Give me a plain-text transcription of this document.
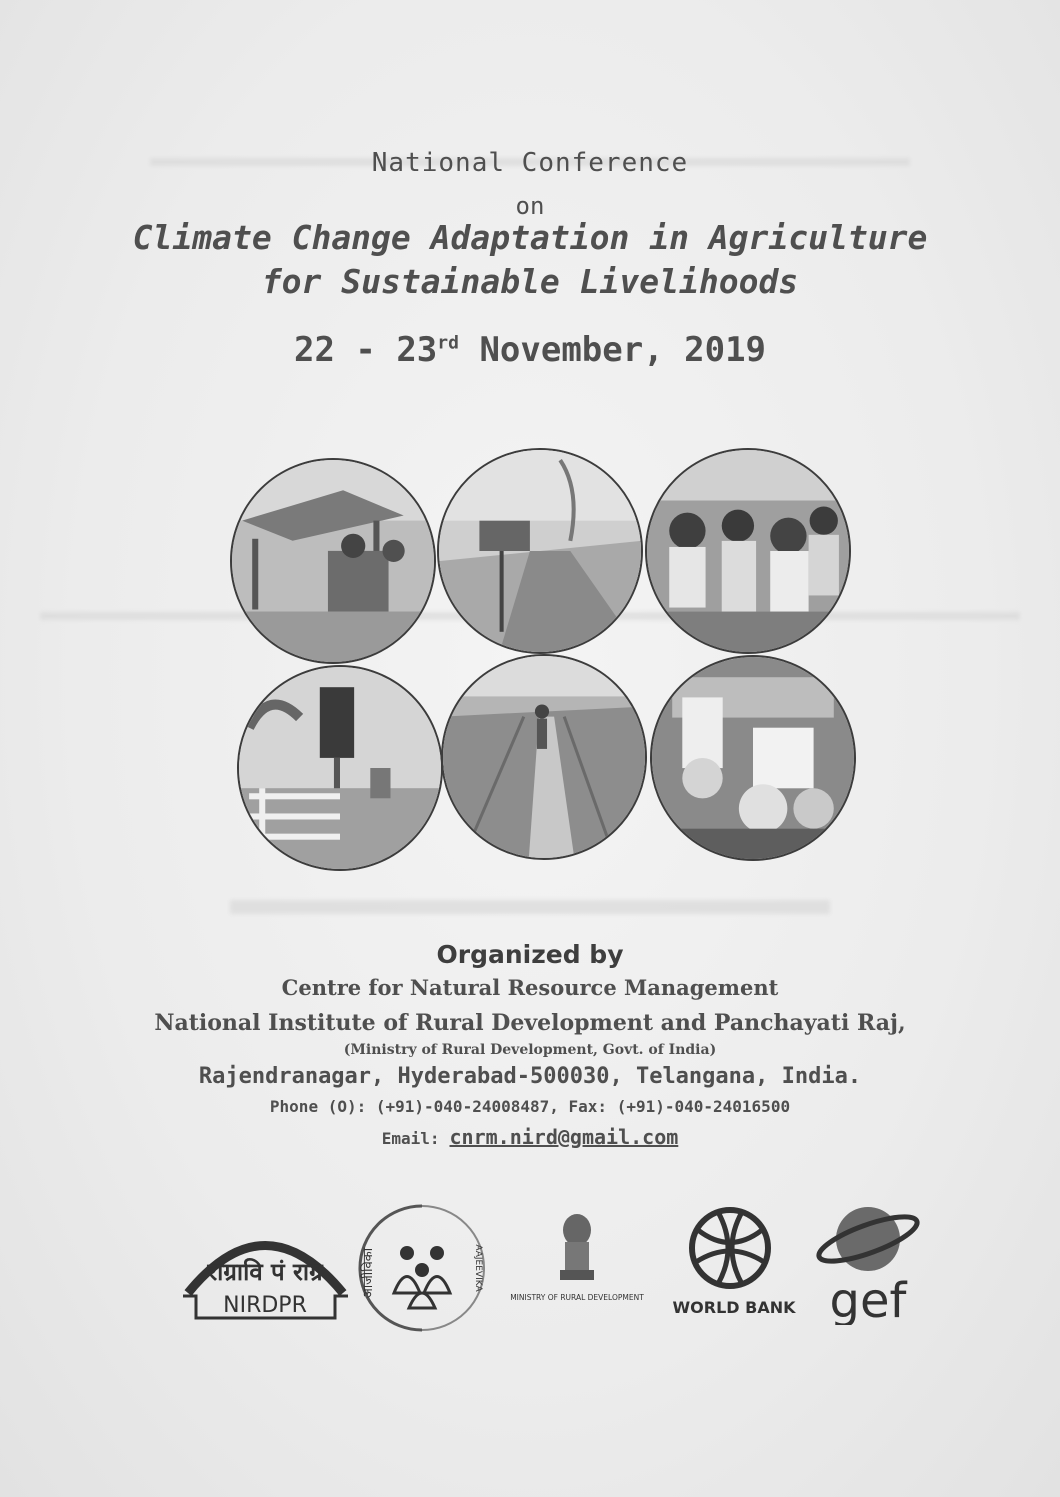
National Conference
on
Climate Change Adaptation in Agriculture
for Sustainable Livelihoods
22 - 23rd November, 2019
Organized by
Centre for Natural Resource Management
National Institute of Rural Development and Panchayati Raj,
(Ministry of Rural Development, Govt. of India)
Rajendranagar, Hyderabad-500030, Telangana, India.
Phone (O): (+91)-040-24008487, Fax: (+91)-040-24016500
Email: cnrm.nird@gmail.com
राग्रावि पं राग्र
NIRDPR
आजीविका	AAJEEVIKA
MINISTRY OF RURAL DEVELOPMENT
WORLD BANK gef
